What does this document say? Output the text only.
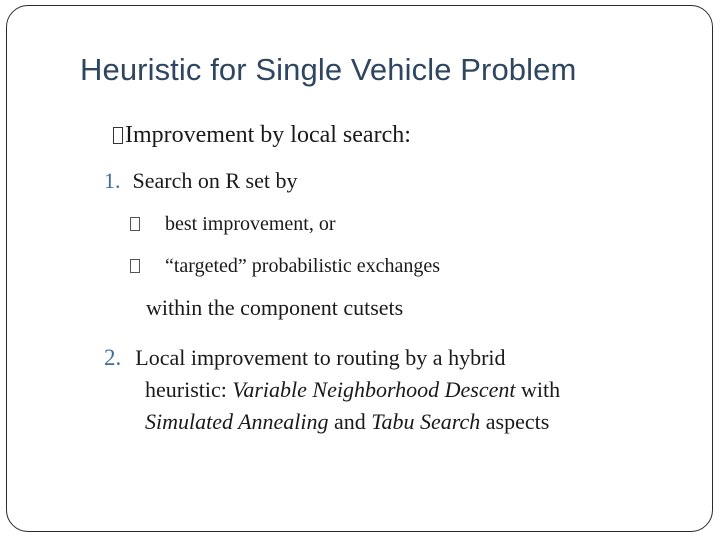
Heuristic for Single Vehicle Problem
Improvement by local search:
1. Search on R set by
best improvement, or
“targeted” probabilistic exchanges
within the component cutsets
2. Local improvement to routing by a hybrid
heuristic: Variable Neighborhood Descent with
Simulated Annealing and Tabu Search aspects
